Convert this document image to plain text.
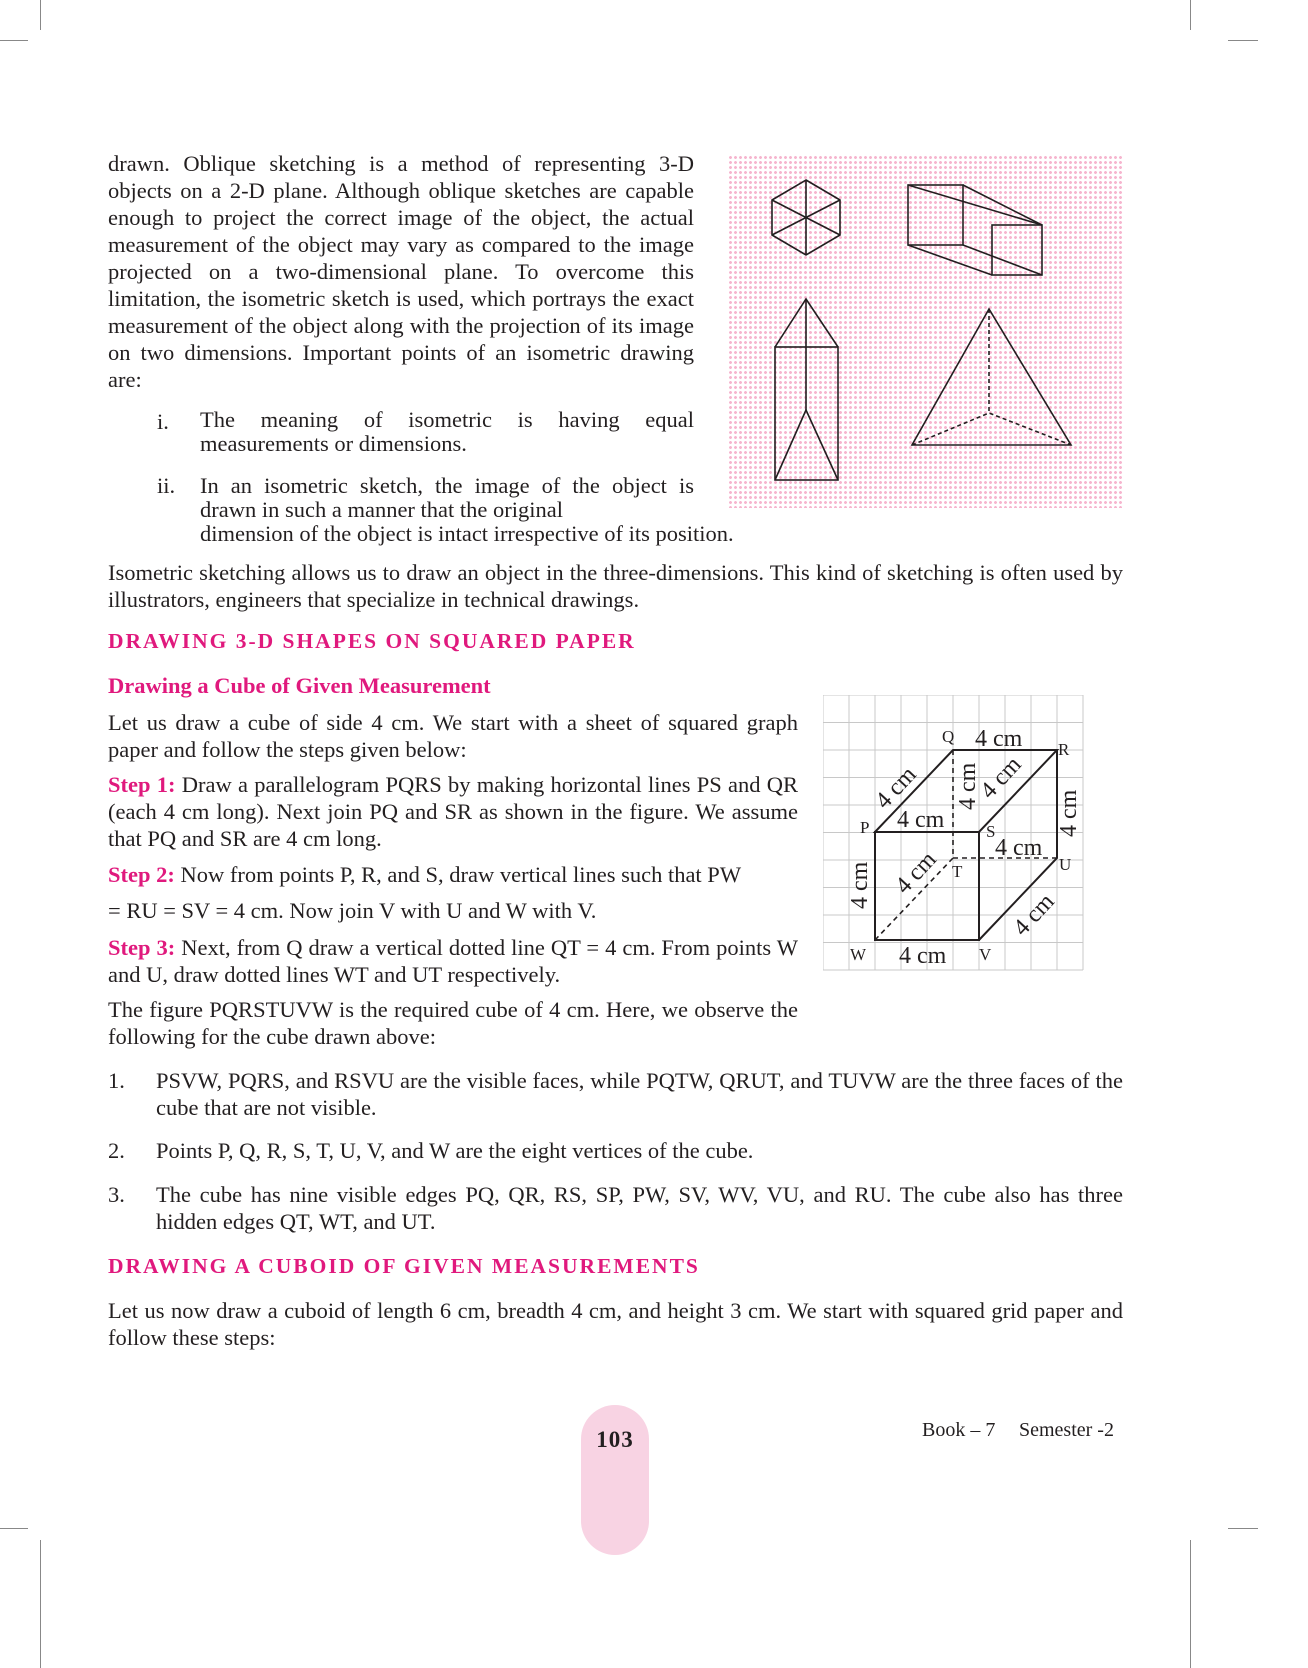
drawn. Oblique sketching is a method of representing 3-D objects on a 2-D plane. Although oblique sketches are capable enough to project the correct image of the object, the actual measurement of the object may vary as compared to the image projected on a two-dimensional plane. To overcome this limitation, the isometric sketch is used, which portrays the exact measurement of the object along with the projection of its image on two dimensions. Important points of an isometric drawing are:

i. The meaning of isometric is having equal measurements or dimensions.
ii. In an isometric sketch, the image of the object is drawn in such a manner that the original
dimension of the object is intact irrespective of its position.

Isometric sketching allows us to draw an object in the three-dimensions. This kind of sketching is often used by illustrators, engineers that specialize in technical drawings.

DRAWING 3-D SHAPES ON SQUARED PAPER
Drawing a Cube of Given Measurement

Let us draw a cube of side 4 cm. We start with a sheet of squared graph paper and follow the steps given below:

Step 1: Draw a parallelogram PQRS by making horizontal lines PS and QR (each 4 cm long). Next join PQ and SR as shown in the figure. We assume that PQ and SR are 4 cm long.

Step 2: Now from points P, R, and S, draw vertical lines such that PW

= RU = SV = 4 cm. Now join V with U and W with V.

Step 3: Next, from Q draw a vertical dotted line QT = 4 cm. From points W and U, draw dotted lines WT and UT respectively.

The figure PQRSTUVW is the required cube of 4 cm. Here, we observe the following for the cube drawn above:

P
Q
R
S
T	U
V
W
4 cm
4 cm
4 cm
4 cm
4 cm 4 cm
4 cm
4 cm
4 cm
4 cm
4 cm
1. PSVW, PQRS, and RSVU are the visible faces, while PQTW, QRUT, and TUVW are the three faces of the cube that are not visible.
2. Points P, Q, R, S, T, U, V, and W are the eight vertices of the cube.
3. The cube has nine visible edges PQ, QR, RS, SP, PW, SV, WV, VU, and RU. The cube also has three hidden edges QT, WT, and UT.
DRAWING A CUBOID OF GIVEN MEASUREMENTS

Let us now draw a cuboid of length 6 cm, breadth 4 cm, and height 3 cm. We start with squared grid paper and follow these steps:

103	Book – 7 Semester -2
